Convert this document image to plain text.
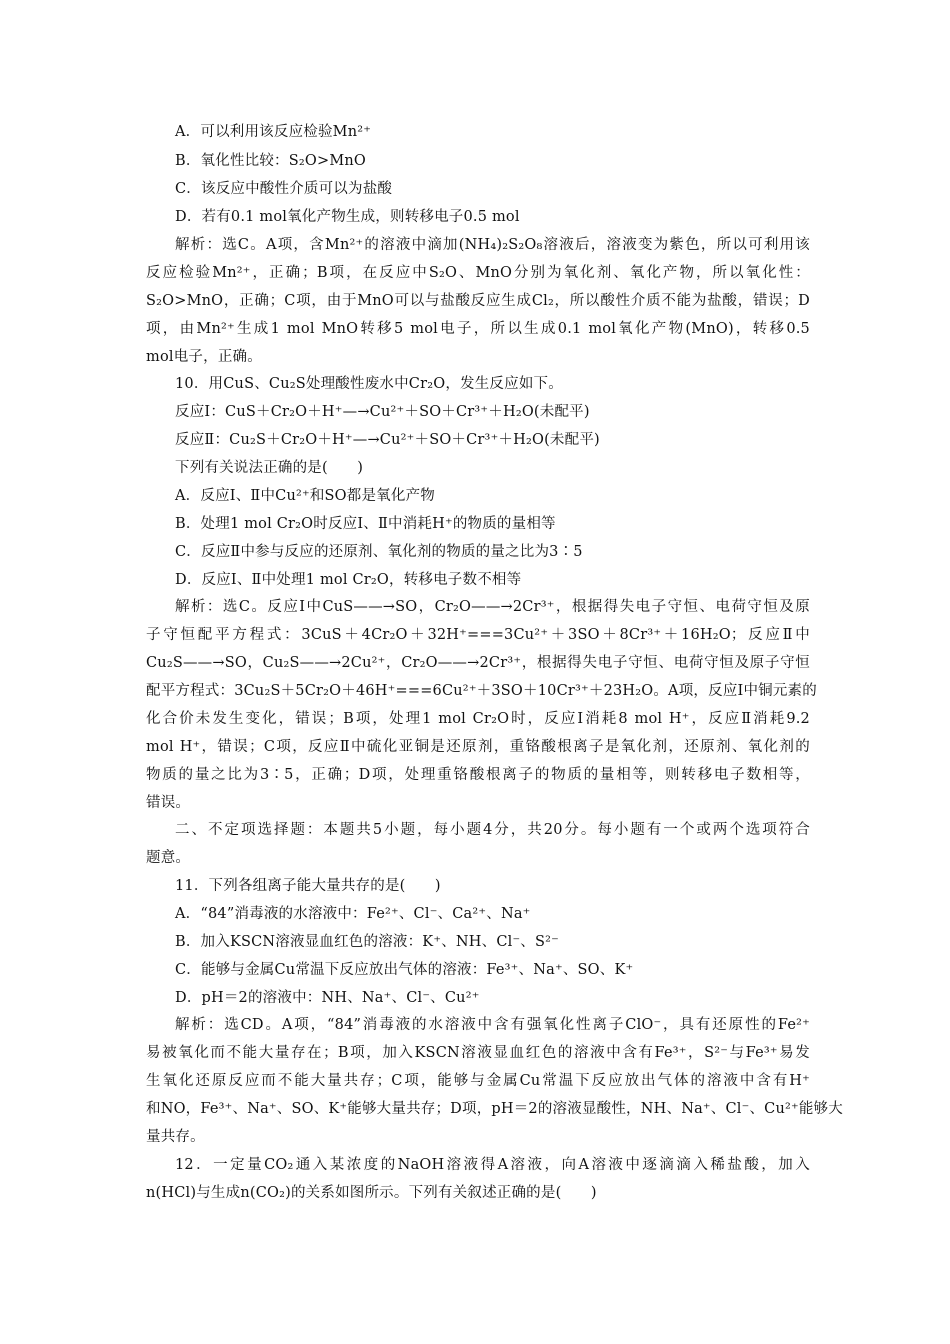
A．可以利用该反应检验Mn²⁺
B．氧化性比较：S₂O>MnO
C．该反应中酸性介质可以为盐酸
D．若有0.1 mol氧化产物生成，则转移电子0.5 mol
解析：选C。A项，含Mn²⁺的溶液中滴加(NH₄)₂S₂O₈溶液后，溶液变为紫色，所以可利用该
反应检验Mn²⁺，正确；B项，在反应中S₂O、MnO分别为氧化剂、氧化产物，所以氧化性：
S₂O>MnO，正确；C项，由于MnO可以与盐酸反应生成Cl₂，所以酸性介质不能为盐酸，错误；D
项，由Mn²⁺生成1 mol MnO转移5 mol电子，所以生成0.1 mol氧化产物(MnO)，转移0.5
mol电子，正确。
10．用CuS、Cu₂S处理酸性废水中Cr₂O，发生反应如下。
反应Ⅰ：CuS＋Cr₂O＋H⁺—→Cu²⁺＋SO＋Cr³⁺＋H₂O(未配平)
反应Ⅱ：Cu₂S＋Cr₂O＋H⁺—→Cu²⁺＋SO＋Cr³⁺＋H₂O(未配平)
下列有关说法正确的是(　　)
A．反应Ⅰ、Ⅱ中Cu²⁺和SO都是氧化产物
B．处理1 mol Cr₂O时反应Ⅰ、Ⅱ中消耗H⁺的物质的量相等
C．反应Ⅱ中参与反应的还原剂、氧化剂的物质的量之比为3∶5
D．反应Ⅰ、Ⅱ中处理1 mol Cr₂O，转移电子数不相等
解析：选C。反应Ⅰ中CuS——→SO，Cr₂O——→2Cr³⁺，根据得失电子守恒、电荷守恒及原
子守恒配平方程式：3CuS＋4Cr₂O＋32H⁺===3Cu²⁺＋3SO＋8Cr³⁺＋16H₂O；反应Ⅱ中
Cu₂S——→SO，Cu₂S——→2Cu²⁺，Cr₂O——→2Cr³⁺，根据得失电子守恒、电荷守恒及原子守恒
配平方程式：3Cu₂S＋5Cr₂O＋46H⁺===6Cu²⁺＋3SO＋10Cr³⁺＋23H₂O。A项，反应Ⅰ中铜元素的
化合价未发生变化，错误；B项，处理1 mol Cr₂O时，反应Ⅰ消耗8 mol H⁺，反应Ⅱ消耗9.2
mol H⁺，错误；C项，反应Ⅱ中硫化亚铜是还原剂，重铬酸根离子是氧化剂，还原剂、氧化剂的
物质的量之比为3∶5，正确；D项，处理重铬酸根离子的物质的量相等，则转移电子数相等，
错误。
二、不定项选择题：本题共5小题，每小题4分，共20分。每小题有一个或两个选项符合
题意。
11．下列各组离子能大量共存的是(　　)
A．“84”消毒液的水溶液中：Fe²⁺、Cl⁻、Ca²⁺、Na⁺
B．加入KSCN溶液显血红色的溶液：K⁺、NH、Cl⁻、S²⁻
C．能够与金属Cu常温下反应放出气体的溶液：Fe³⁺、Na⁺、SO、K⁺
D．pH＝2的溶液中：NH、Na⁺、Cl⁻、Cu²⁺
解析：选CD。A项，“84”消毒液的水溶液中含有强氧化性离子ClO⁻，具有还原性的Fe²⁺
易被氧化而不能大量存在；B项，加入KSCN溶液显血红色的溶液中含有Fe³⁺，S²⁻与Fe³⁺易发
生氧化还原反应而不能大量共存；C项，能够与金属Cu常温下反应放出气体的溶液中含有H⁺
和NO，Fe³⁺、Na⁺、SO、K⁺能够大量共存；D项，pH＝2的溶液显酸性，NH、Na⁺、Cl⁻、Cu²⁺能够大
量共存。
12．一定量CO₂通入某浓度的NaOH溶液得A溶液，向A溶液中逐滴滴入稀盐酸，加入
n(HCl)与生成n(CO₂)的关系如图所示。下列有关叙述正确的是(　　)
